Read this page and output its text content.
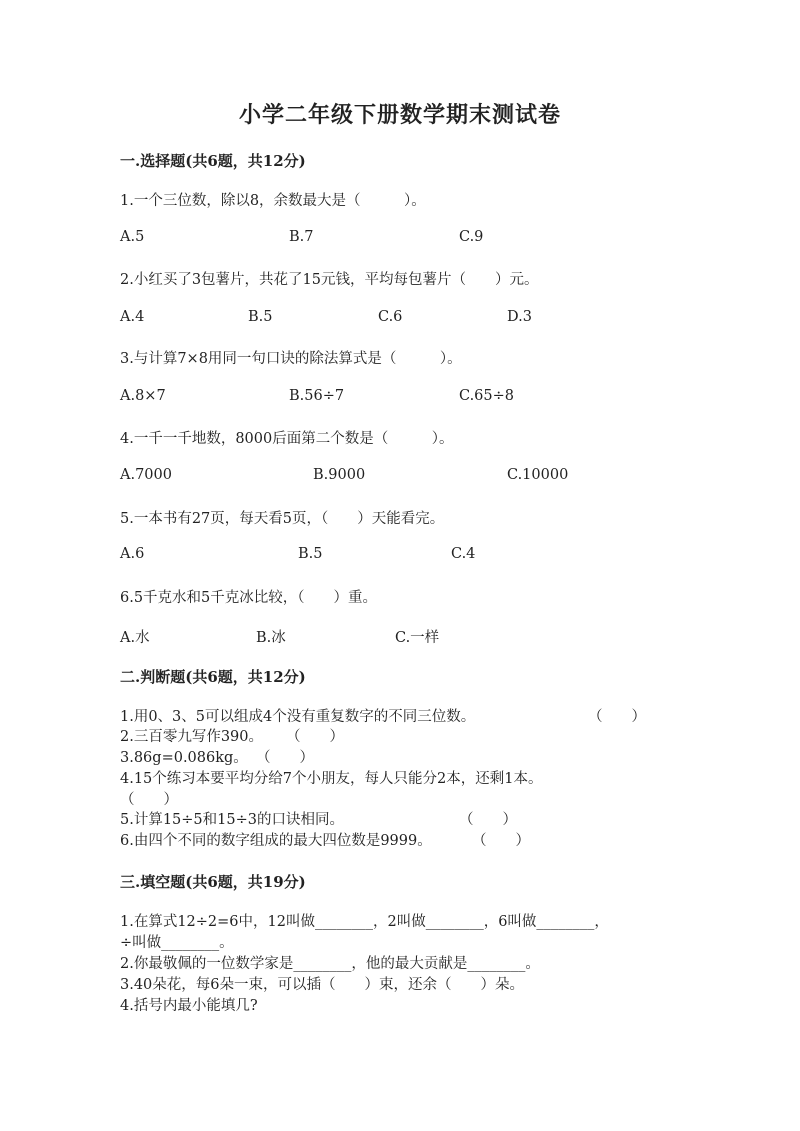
小学二年级下册数学期末测试卷
一.选择题(共6题，共12分)
1.一个三位数，除以8，余数最大是（　　　）。
A.5	B.7	C.9
2.小红买了3包薯片，共花了15元钱，平均每包薯片（　　）元。
A.4	B.5	C.6	D.3
3.与计算7×8用同一句口诀的除法算式是（　　　）。
A.8×7	B.56÷7	C.65÷8
4.一千一千地数，8000后面第二个数是（　　　）。
A.7000	B.9000	C.10000
5.一本书有27页，每天看5页，（　　）天能看完。
A.6	B.5	C.4
6.5千克水和5千克冰比较，（　　）重。
A.水	B.冰	C.一样
二.判断题(共6题，共12分)
1.用0、3、5可以组成4个没有重复数字的不同三位数。	（　　）
2.三百零九写作390。 （　　）
3.86g=0.086kg。 （　　）
4.15个练习本要平均分给7个小朋友，每人只能分2本，还剩1本。
（　　）
5.计算15÷5和15÷3的口诀相同。	（　　）
6.由四个不同的数字组成的最大四位数是9999。	（　　）
三.填空题(共6题，共19分)
1.在算式12÷2=6中，12叫做________，2叫做________，6叫做________，
÷叫做________。
2.你最敬佩的一位数学家是________，他的最大贡献是________。
3.40朵花，每6朵一束，可以插（　　）束，还余（　　）朵。
4.括号内最小能填几?
